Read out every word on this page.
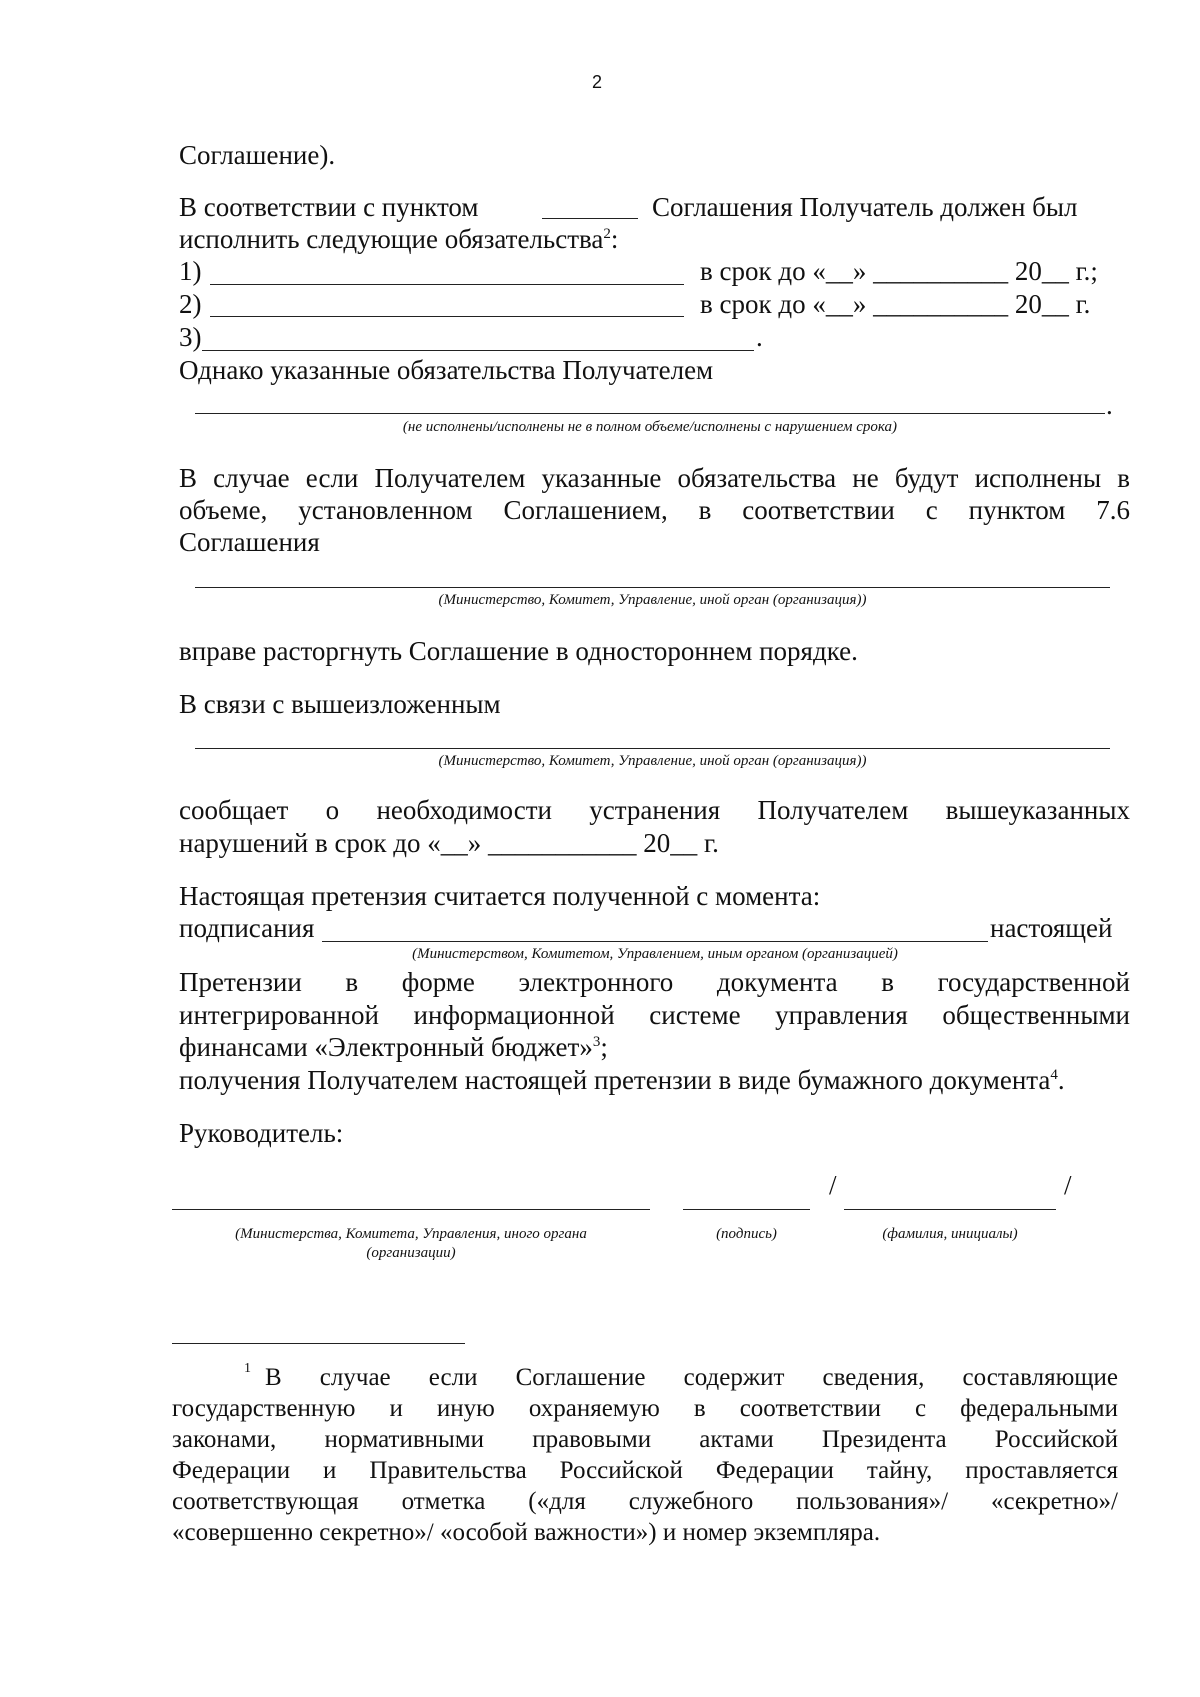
2
Соглашение).
В соответствии с пунктом	Соглашения Получатель должен был
исполнить следующие обязательства$^2$:
1)	в срок до «__» __________ 20__ г.;
2)	в срок до «__» __________ 20__ г.
3)	.
Однако указанные обязательства Получателем
.
(не исполнены/исполнены не в полном объеме/исполнены с нарушением срока)
В случае если Получателем указанные обязательства не будут исполнены в
объеме, установленном Соглашением, в соответствии с пунктом 7.6
Соглашения
(Министерство, Комитет, Управление, иной орган (организация))
вправе расторгнуть Соглашение в одностороннем порядке.
В связи с вышеизложенным
(Министерство, Комитет, Управление, иной орган (организация))
сообщает о необходимости устранения Получателем вышеуказанных
нарушений в срок до «__» ___________ 20__ г.
Настоящая претензия считается полученной с момента:
подписания	настоящей
(Министерством, Комитетом, Управлением, иным органом (организацией)
Претензии в форме электронного документа в государственной
интегрированной информационной системе управления общественными
финансами «Электронный бюджет»$^3$;
получения Получателем настоящей претензии в виде бумажного документа$^4$.
Руководитель:
/	/
(Министерства, Комитета, Управления, иного органа
(организации)
(подпись)	(фамилия, инициалы)
1 В случае если Соглашение содержит сведения, составляющие
государственную и иную охраняемую в соответствии с федеральными
законами, нормативными правовыми актами Президента Российской
Федерации и Правительства Российской Федерации тайну, проставляется
соответствующая отметка («для служебного пользования»/ «секретно»/
«совершенно секретно»/ «особой важности») и номер экземпляра.
